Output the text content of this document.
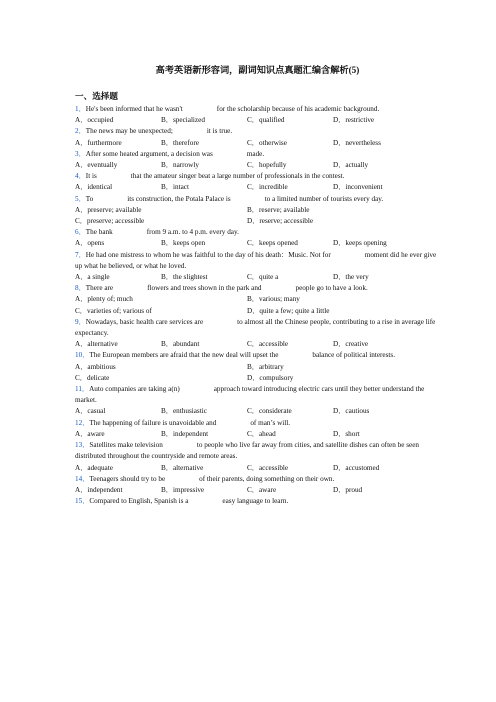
高考英语新形容词，副词知识点真题汇编含解析(5)
一、选择题
1．He's been informed that he wasn't	for the scholarship because of his academic background.
A．occupied	B．specialized	C．qualified	D．restrictive
2．The news may be unexpected;	it is true.
A．furthermore	B．therefore	C．otherwise	D．nevertheless
3．After some heated argument, a decision was	made.
A．eventually	B．narrowly	C．hopefully	D．actually
4．It is	that the amateur singer beat a large number of professionals in the contest.
A．identical	B．intact	C．incredible	D．inconvenient
5．To	its construction, the Potala Palace is	to a limited number of tourists every day.
A．preserve; available	B．reserve; available
C．preserve; accessible	D．reserve; accessible
6．The bank	from 9 a.m. to 4 p.m. every day.
A．opens	B．keeps open	C．keeps opened	D．keeps opening
7．He had one mistress to whom he was faithful to the day of his death：Music. Not for	moment did he ever give up what he believed, or what he loved.
A．a single	B．the slightest	C．quite a	D．the very
8．There are	flowers and trees shown in the park and	people go to have a look.
A．plenty of; much	B．various; many
C．varieties of; various of	D．quite a few; quite a little
9．Nowadays, basic health care services are	to almost all the Chinese people, contributing to a rise in average life expectancy.
A．alternative	B．abundant	C．accessible	D．creative
10．The European members are afraid that the new deal will upset the	balance of political interests.
A．ambitious	B．arbitrary
C．delicate	D．compulsory
11．Auto companies are taking a(n)	approach toward introducing electric cars until they better understand the market.
A．casual	B．enthusiastic	C．considerate	D．cautious
12．The happening of failure is unavoidable and	of man’s will.
A．aware	B．independent	C．ahead	D．short
13．Satellites make television	to people who live far away from cities, and satellite dishes can often be seen distributed throughout the countryside and remote areas.
A．adequate	B．alternative	C．accessible	D．accustomed
14．Teenagers should try to be	of their parents, doing something on their own.
A．independent	B．impressive	C．aware	D．proud
15．Compared to English, Spanish is a	easy language to learn.
